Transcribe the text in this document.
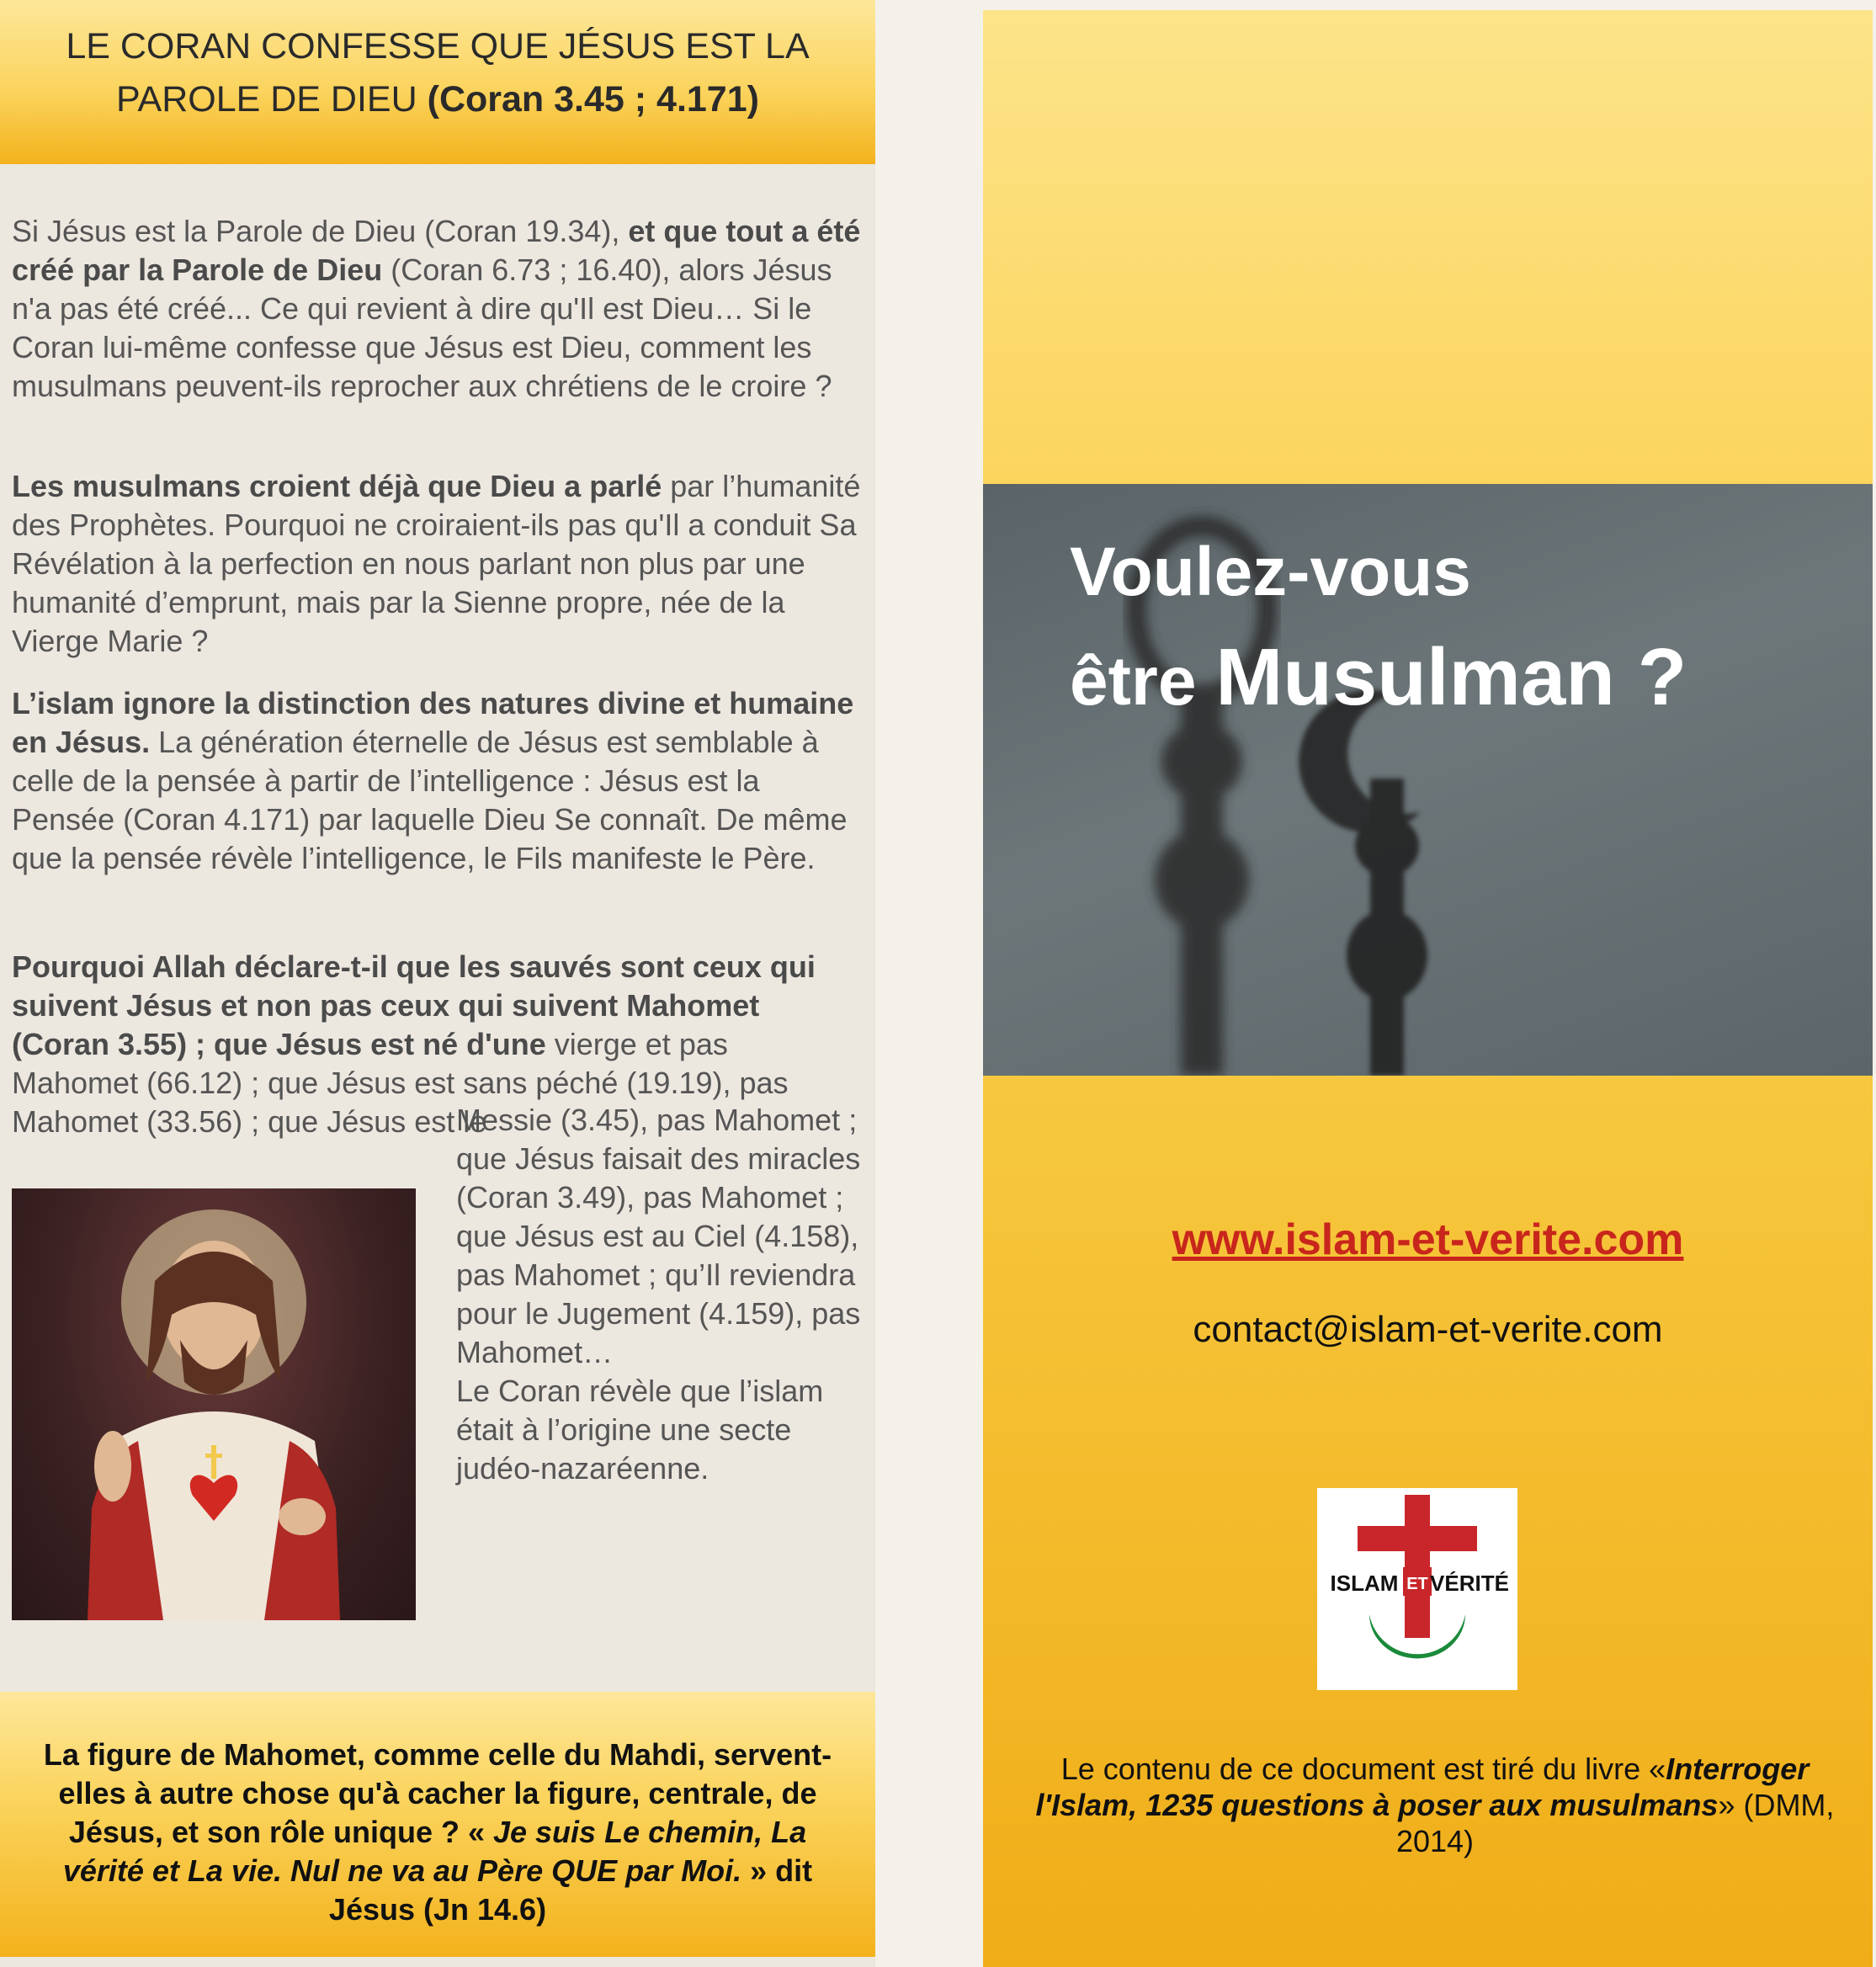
LE CORAN CONFESSE QUE JÉSUS EST LA
PAROLE DE DIEU (Coran 3.45 ; 4.171)
Si Jésus est la Parole de Dieu (Coran 19.34), et que tout a été créé par la Parole de Dieu (Coran 6.73 ; 16.40), alors Jésus n'a pas été créé... Ce qui revient à dire qu'Il est Dieu… Si le Coran lui-même confesse que Jésus est Dieu, comment les musulmans peuvent-ils reprocher aux chrétiens de le croire ?
Les musulmans croient déjà que Dieu a parlé par l’humanité des Prophètes. Pourquoi ne croiraient-ils pas qu'Il a conduit Sa Révélation à la perfection en nous parlant non plus par une humanité d’emprunt, mais par la Sienne propre, née de la Vierge Marie ?
L’islam ignore la distinction des natures divine et humaine en Jésus. La génération éternelle de Jésus est semblable à celle de la pensée à partir de l’intelligence : Jésus est la Pensée (Coran 4.171) par laquelle Dieu Se connaît. De même que la pensée révèle l’intelligence, le Fils manifeste le Père.
Pourquoi Allah déclare-t-il que les sauvés sont ceux qui suivent Jésus et non pas ceux qui suivent Mahomet (Coran 3.55) ; que Jésus est né d'une vierge et pas Mahomet (66.12) ; que Jésus est sans péché (19.19), pas Mahomet (33.56) ; que Jésus est le
Messie (3.45), pas Mahomet ; que Jésus faisait des miracles (Coran 3.49), pas Mahomet ; que Jésus est au Ciel (4.158), pas Mahomet ; qu’Il reviendra pour le Jugement (4.159), pas Mahomet…
Le Coran révèle que l’islam était à l’origine une secte judéo-nazaréenne.
La figure de Mahomet, comme celle du Mahdi, servent-elles à autre chose qu'à cacher la figure, centrale, de Jésus, et son rôle unique ? « Je suis Le chemin, La vérité et La vie. Nul ne va au Père QUE par Moi. » dit Jésus (Jn 14.6)
Voulez-vous
être Musulman ?
www.islam-et-verite.com
contact@islam-et-verite.com
ISLAM ET VÉRITÉ
Le contenu de ce document est tiré du livre «Interroger l'Islam, 1235 questions à poser aux musulmans» (DMM, 2014)
